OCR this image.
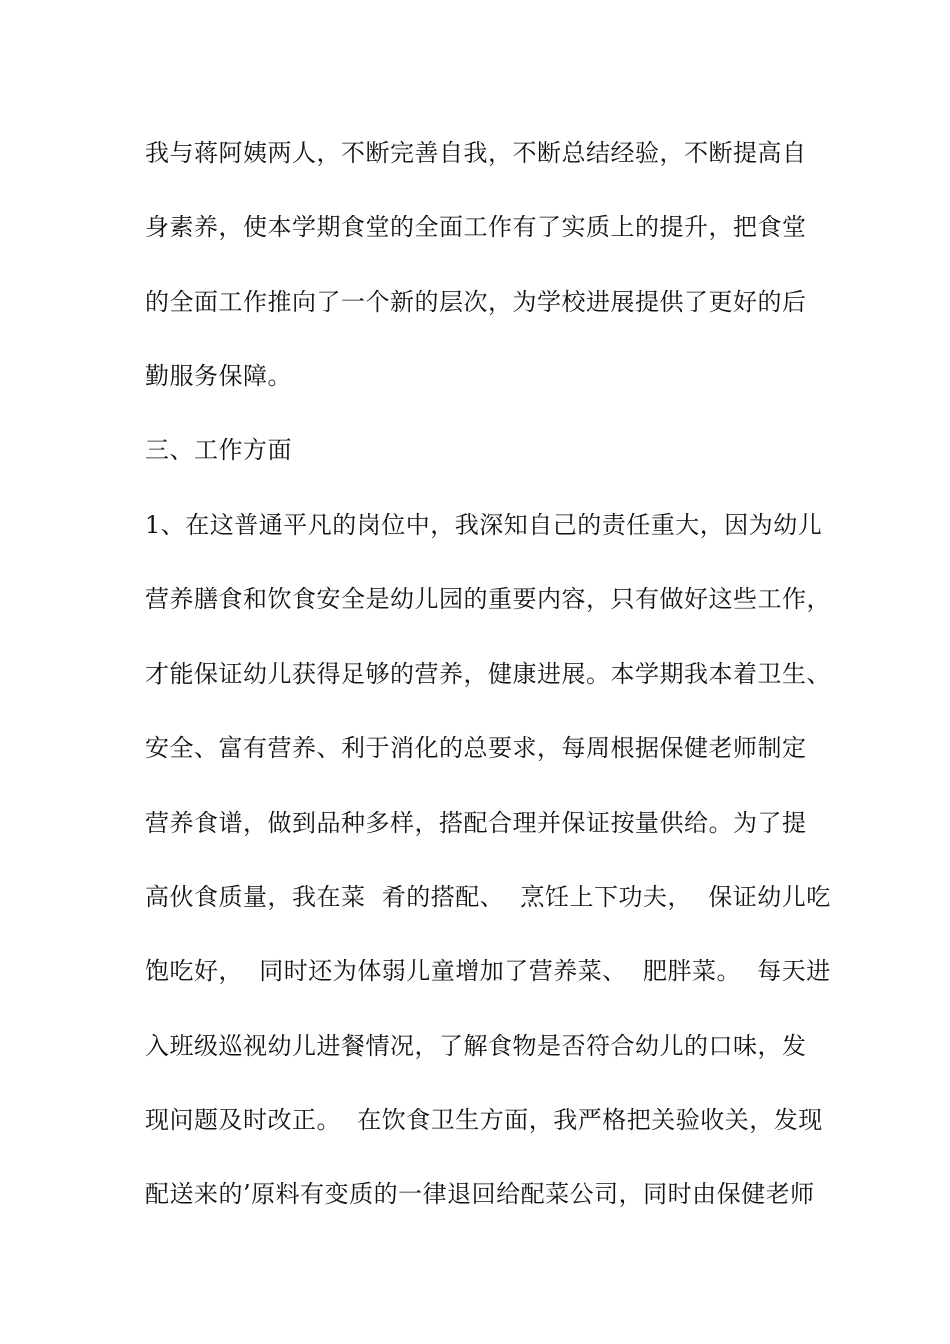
我与蒋阿姨两人，不断完善自我，不断总结经验，不断提高自
身素养，使本学期食堂的全面工作有了实质上的提升，把食堂
的全面工作推向了一个新的层次，为学校进展提供了更好的后
勤服务保障。
三、工作方面
1、在这普通平凡的岗位中，我深知自己的责任重大，因为幼儿
营养膳食和饮食安全是幼儿园的重要内容，只有做好这些工作，
才能保证幼儿获得足够的营养，健康进展。本学期我本着卫生、
安全、富有营养、利于消化的总要求，每周根据保健老师制定
营养食谱，做到品种多样，搭配合理并保证按量供给。为了提
高伙食质量，我在菜  肴的搭配、  烹饪上下功夫，  保证幼儿吃
饱吃好，  同时还为体弱儿童增加了营养菜、  肥胖菜。  每天进
入班级巡视幼儿进餐情况，了解食物是否符合幼儿的口味，发
现问题及时改正。  在饮食卫生方面，我严格把关验收关，发现
配送来的’原料有变质的一律退回给配菜公司，同时由保健老师
